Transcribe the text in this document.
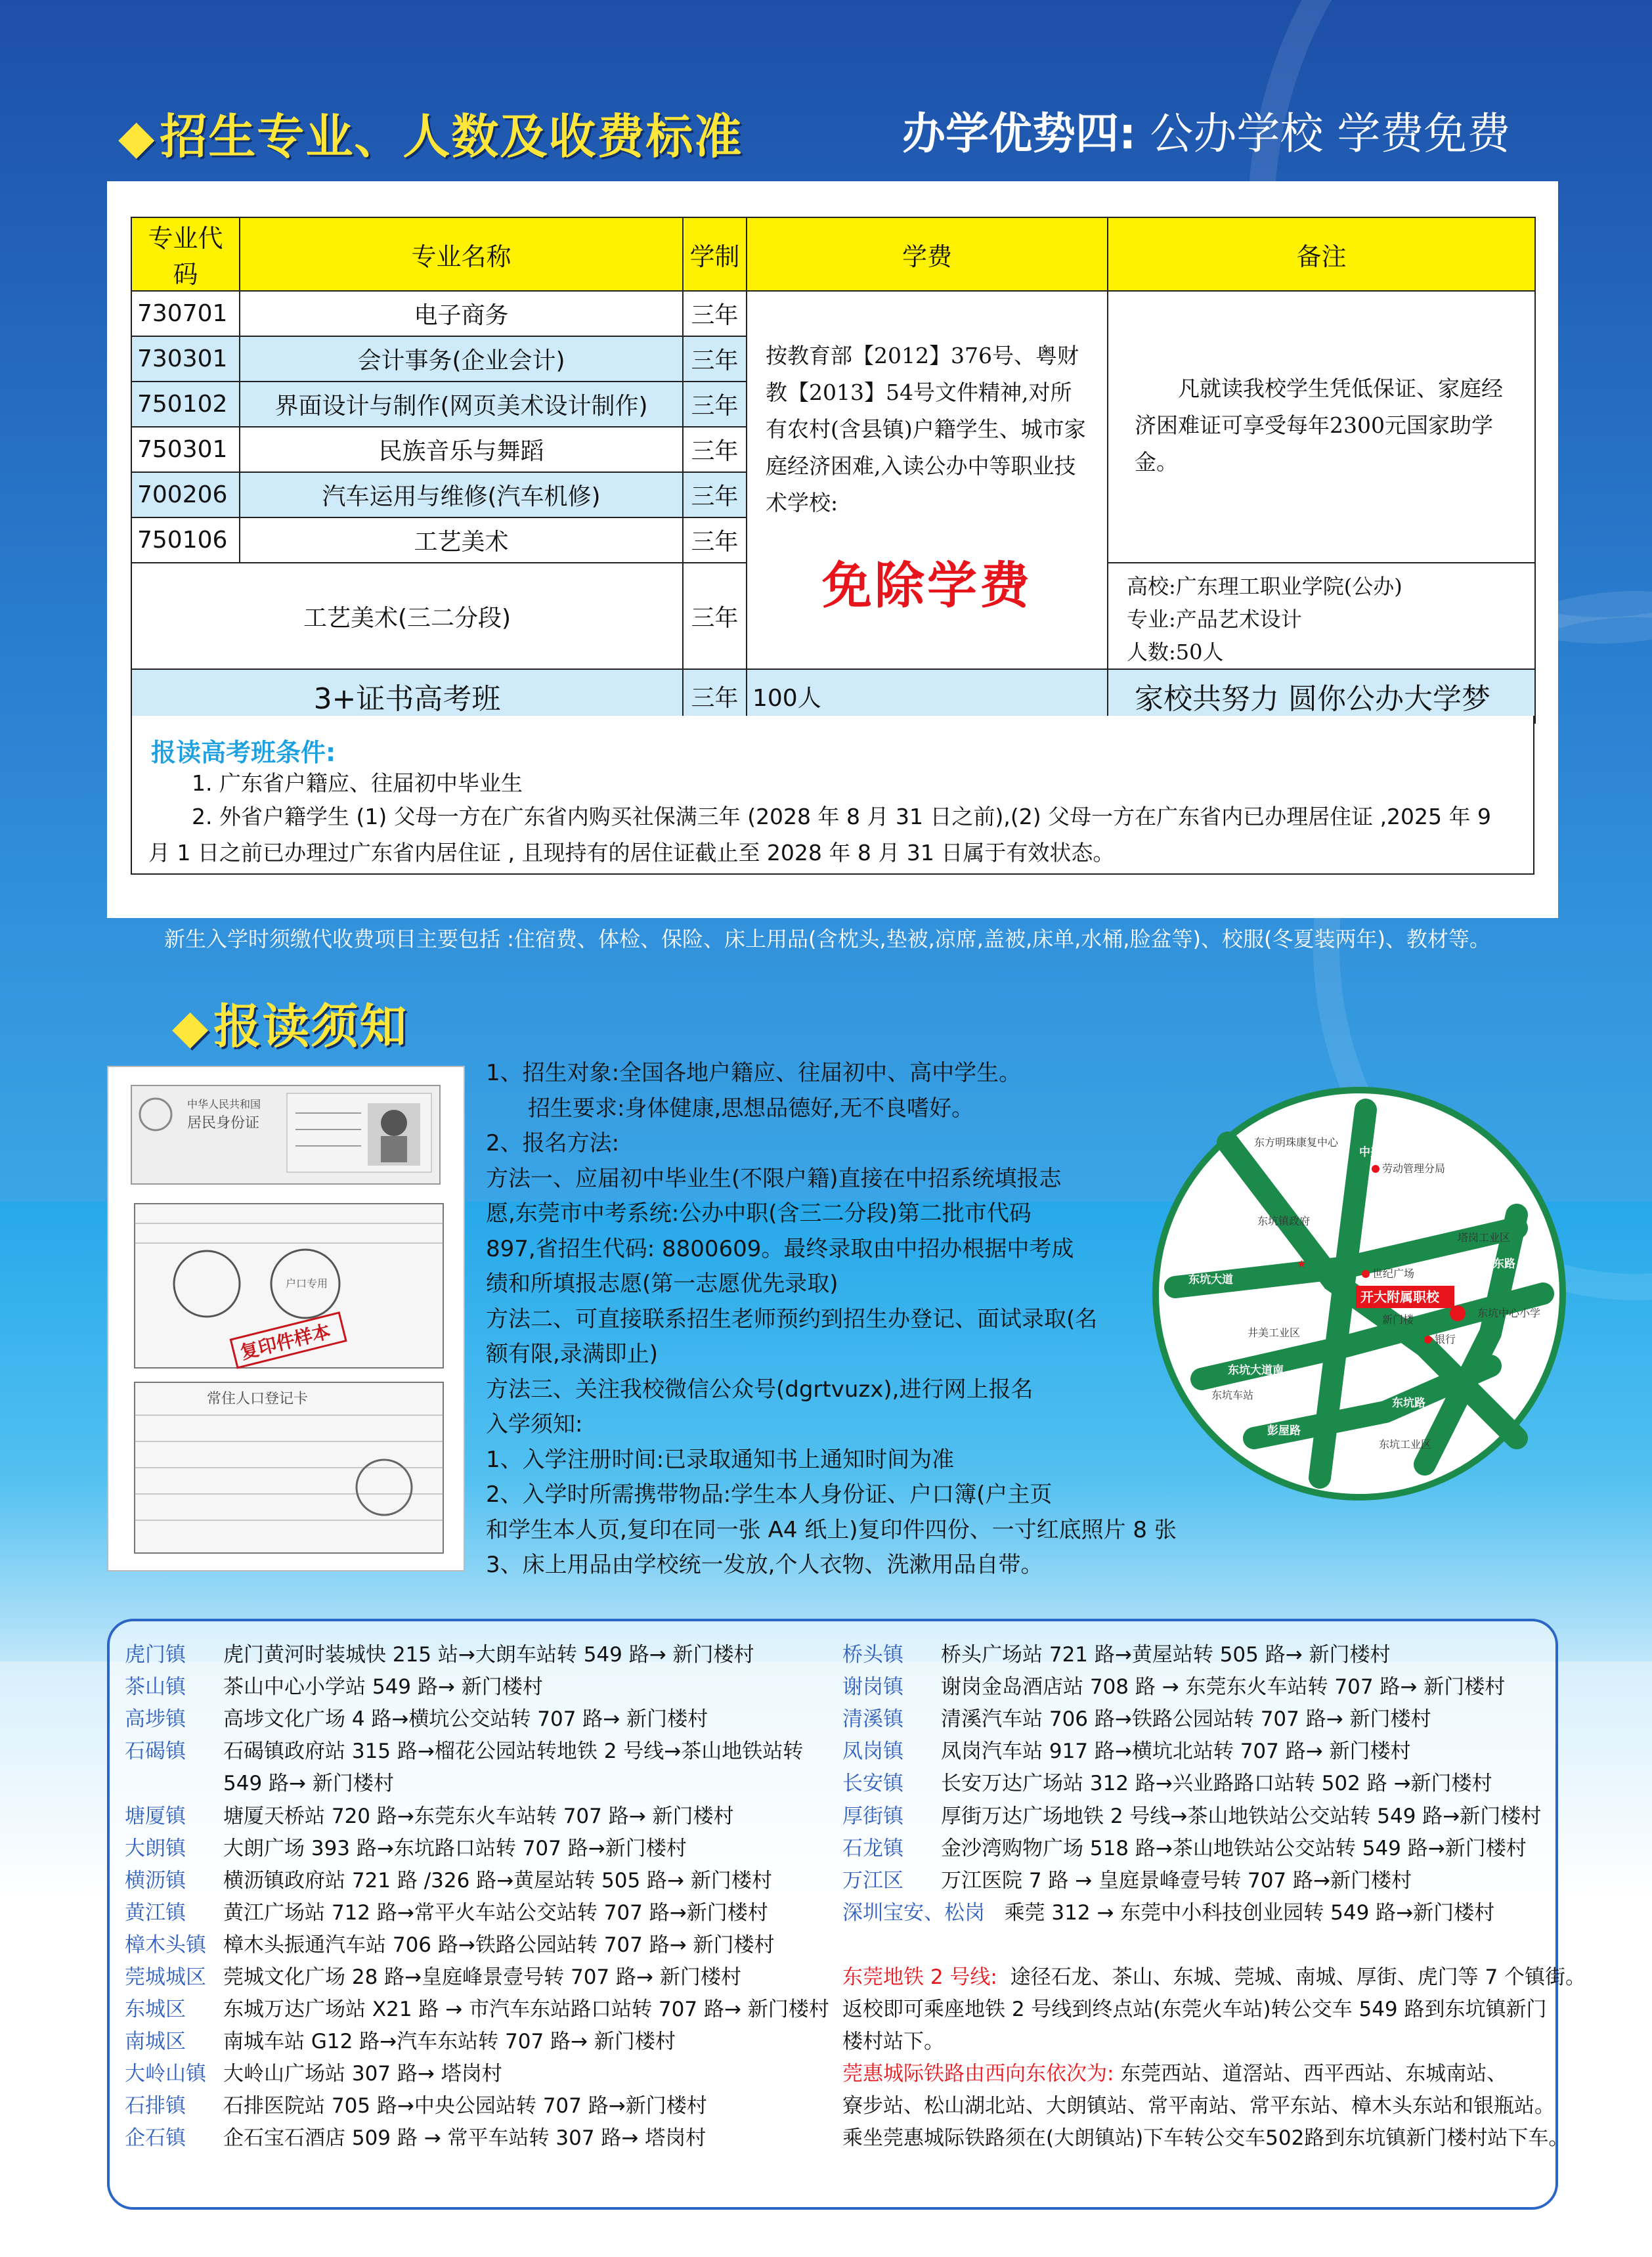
◆招生专业、人数及收费标准	办学优势四: 公办学校 学费免费
专业代码	专业名称	学制	学费	备注
730701	电子商务	三年	按教育部【2012】376号、粤财教【2013】54号文件精神,对所有农村(含县镇)户籍学生、城市家庭经济困难,入读公办中等职业技术学校:
免除学费	凡就读我校学生凭低保证、家庭经济困难证可享受每年2300元国家助学金。
730301	会计事务(企业会计)	三年		
750102	界面设计与制作(网页美术设计制作)	三年		
750301	民族音乐与舞蹈	三年		
700206	汽车运用与维修(汽车机修)	三年		
750106	工艺美术	三年		
工艺美术(三二分段)		三年		高校:广东理工职业学院(公办)
专业:产品艺术设计
人数:50人

3+证书高考班		三年	100人	家校共努力 圆你公办大学梦
报读高考班条件:
1. 广东省户籍应、往届初中毕业生
2. 外省户籍学生 (1) 父母一方在广东省内购买社保满三年 (2028 年 8 月 31 日之前),(2) 父母一方在广东省内已办理居住证 ,2025 年 9
月 1 日之前已办理过广东省内居住证 , 且现持有的居住证截止至 2028 年 8 月 31 日属于有效状态。
新生入学时须缴代收费项目主要包括 :住宿费、体检、保险、床上用品(含枕头,垫被,凉席,盖被,床单,水桶,脸盆等)、校服(冬夏装两年)、教材等。
◆报读须知
中华人民共和国
居民身份证
户口专用
复印件样本
常住人口登记卡
1、招生对象:全国各地户籍应、往届初中、高中学生。
招生要求:身体健康,思想品德好,无不良嗜好。
2、报名方法:
方法一、应届初中毕业生(不限户籍)直接在中招系统填报志
愿,东莞市中考系统:公办中职(含三二分段)第二批市代码
897,省招生代码: 8800609。最终录取由中招办根据中考成
绩和所填报志愿(第一志愿优先录取)
方法二、可直接联系招生老师预约到招生办登记、面试录取(名
额有限,录满即止)
方法三、关注我校微信公众号(dgrtvuzx),进行网上报名
入学须知:
1、入学注册时间:已录取通知书上通知时间为准
2、入学时所需携带物品:学生本人身份证、户口簿(户主页
和学生本人页,复印在同一张 A4 纸上)复印件四份、一寸红底照片 8 张
3、床上用品由学校统一发放,个人衣物、洗漱用品自带。
中兴路
东兴路
沿河东路
东坑大道
东坑大道南
彭屋路
东坑路
东方明珠康复中心
劳动管理分局
东坑镇政府
★
世纪广场
塔岗工业区
新门楼
东坑中心小学
银行
井美工业区
东坑车站
东坑工业区
开大附属职校
虎门镇 虎门黄河时装城快 215 站→大朗车站转 549 路→ 新门楼村
茶山镇 茶山中心小学站 549 路→ 新门楼村
高埗镇 高埗文化广场 4 路→横坑公交站转 707 路→ 新门楼村
石碣镇 石碣镇政府站 315 路→榴花公园站转地铁 2 号线→茶山地铁站转
549 路→ 新门楼村
塘厦镇 塘厦天桥站 720 路→东莞东火车站转 707 路→ 新门楼村
大朗镇 大朗广场 393 路→东坑路口站转 707 路→新门楼村
横沥镇 横沥镇政府站 721 路 /326 路→黄屋站转 505 路→ 新门楼村
黄江镇 黄江广场站 712 路→常平火车站公交站转 707 路→新门楼村
樟木头镇 樟木头振通汽车站 706 路→铁路公园站转 707 路→ 新门楼村
莞城城区 莞城文化广场 28 路→皇庭峰景壹号转 707 路→ 新门楼村
东城区 东城万达广场站 X21 路 → 市汽车东站路口站转 707 路→ 新门楼村
南城区 南城车站 G12 路→汽车东站转 707 路→ 新门楼村
大岭山镇 大岭山广场站 307 路→ 塔岗村
石排镇 石排医院站 705 路→中央公园站转 707 路→新门楼村
企石镇 企石宝石酒店 509 路 → 常平车站转 307 路→ 塔岗村
桥头镇 桥头广场站 721 路→黄屋站转 505 路→ 新门楼村
谢岗镇 谢岗金岛酒店站 708 路 → 东莞东火车站转 707 路→ 新门楼村
清溪镇 清溪汽车站 706 路→铁路公园站转 707 路→ 新门楼村
凤岗镇 凤岗汽车站 917 路→横坑北站转 707 路→ 新门楼村
长安镇 长安万达广场站 312 路→兴业路路口站转 502 路 →新门楼村
厚街镇 厚街万达广场地铁 2 号线→茶山地铁站公交站转 549 路→新门楼村
石龙镇 金沙湾购物广场 518 路→茶山地铁站公交站转 549 路→新门楼村
万江区 万江医院 7 路 → 皇庭景峰壹号转 707 路→新门楼村
深圳宝安、松岗 乘莞 312 → 东莞中小科技创业园转 549 路→新门楼村
东莞地铁 2 号线: 途径石龙、茶山、东城、莞城、南城、厚街、虎门等 7 个镇街。
返校即可乘座地铁 2 号线到终点站(东莞火车站)转公交车 549 路到东坑镇新门
楼村站下。
莞惠城际铁路由西向东依次为: 东莞西站、道滘站、西平西站、东城南站、
寮步站、松山湖北站、大朗镇站、常平南站、常平东站、樟木头东站和银瓶站。
乘坐莞惠城际铁路须在(大朗镇站)下车转公交车502路到东坑镇新门楼村站下车。
